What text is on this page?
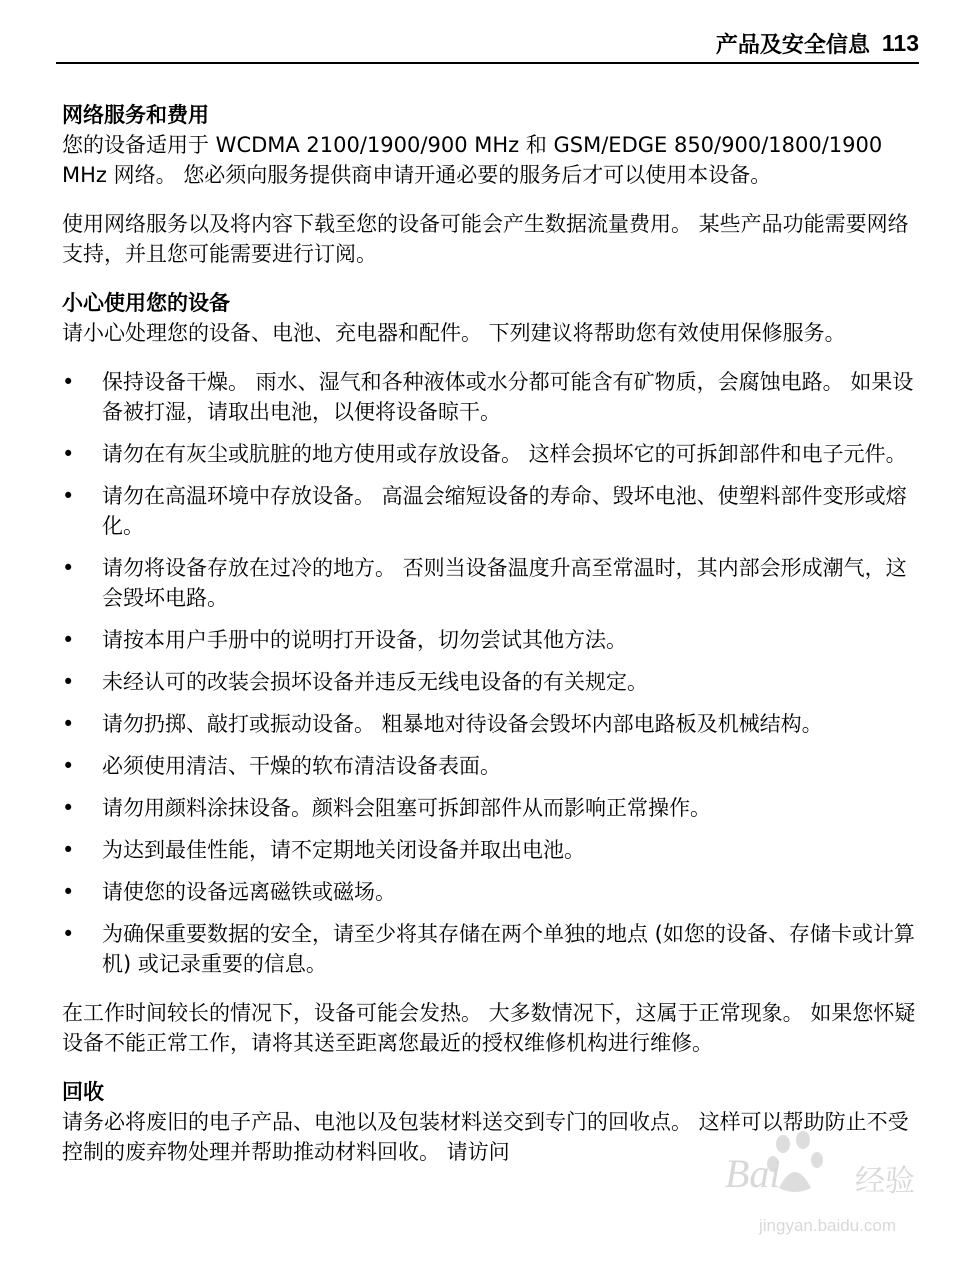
产品及安全信息 113
网络服务和费用

您的设备适用于 WCDMA 2100/1900/900 MHz 和 GSM/EDGE 850/900/1800/1900 MHz 网络。 您必须向服务提供商申请开通必要的服务后才可以使用本设备。

使用网络服务以及将内容下载至您的设备可能会产生数据流量费用。 某些产品功能需要网络支持，并且您可能需要进行订阅。

小心使用您的设备

请小心处理您的设备、电池、充电器和配件。 下列建议将帮助您有效使用保修服务。

• 保持设备干燥。 雨水、湿气和各种液体或水分都可能含有矿物质，会腐蚀电路。 如果设备被打湿，请取出电池，以便将设备晾干。
• 请勿在有灰尘或肮脏的地方使用或存放设备。 这样会损坏它的可拆卸部件和电子元件。
• 请勿在高温环境中存放设备。 高温会缩短设备的寿命、毁坏电池、使塑料部件变形或熔化。
• 请勿将设备存放在过冷的地方。 否则当设备温度升高至常温时，其内部会形成潮气，这会毁坏电路。
• 请按本用户手册中的说明打开设备，切勿尝试其他方法。
• 未经认可的改装会损坏设备并违反无线电设备的有关规定。
• 请勿扔掷、敲打或振动设备。 粗暴地对待设备会毁坏内部电路板及机械结构。
• 必须使用清洁、干燥的软布清洁设备表面。
• 请勿用颜料涂抹设备。颜料会阻塞可拆卸部件从而影响正常操作。
• 为达到最佳性能，请不定期地关闭设备并取出电池。
• 请使您的设备远离磁铁或磁场。
• 为确保重要数据的安全，请至少将其存储在两个单独的地点 (如您的设备、存储卡或计算机) 或记录重要的信息。

在工作时间较长的情况下，设备可能会发热。 大多数情况下，这属于正常现象。 如果您怀疑设备不能正常工作，请将其送至距离您最近的授权维修机构进行维修。

回收

请务必将废旧的电子产品、电池以及包装材料送交到专门的回收点。 这样可以帮助防止不受控制的废弃物处理并帮助推动材料回收。 请访问	Bai 经验
jingyan.baidu.com
